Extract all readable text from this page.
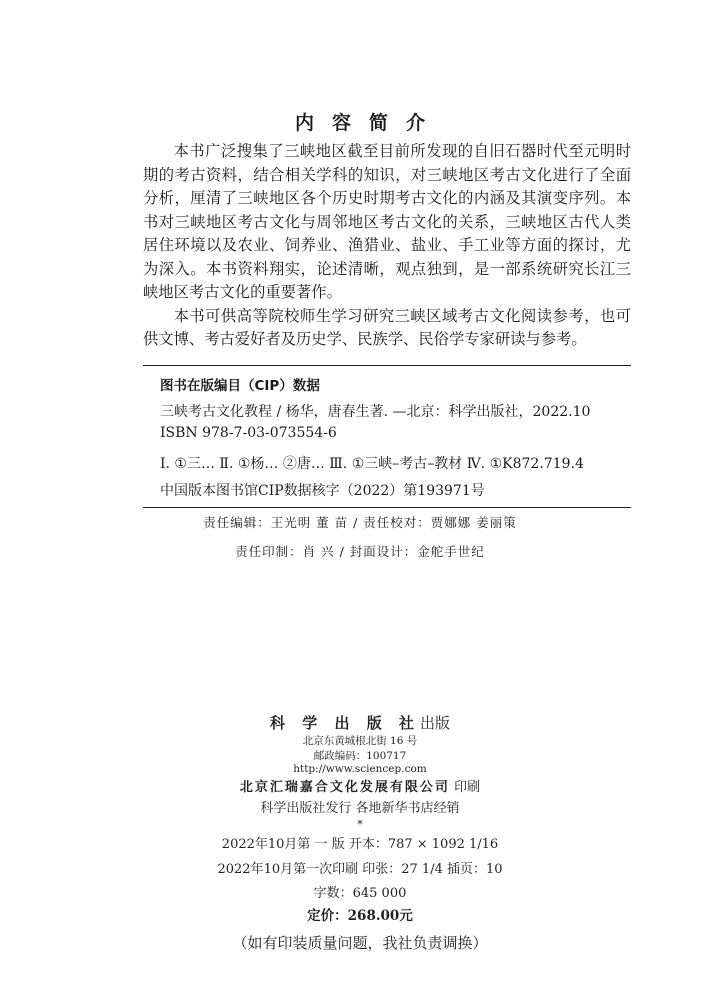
内容简介

本书广泛搜集了三峡地区截至目前所发现的自旧石器时代至元明时期的考古资料，结合相关学科的知识，对三峡地区考古文化进行了全面分析，厘清了三峡地区各个历史时期考古文化的内涵及其演变序列。本书对三峡地区考古文化与周邻地区考古文化的关系，三峡地区古代人类居住环境以及农业、饲养业、渔猎业、盐业、手工业等方面的探讨，尤为深入。本书资料翔实，论述清晰，观点独到，是一部系统研究长江三峡地区考古文化的重要著作。

本书可供高等院校师生学习研究三峡区域考古文化阅读参考，也可供文博、考古爱好者及历史学、民族学、民俗学专家研读与参考。

图书在版编目（CIP）数据
三峡考古文化教程 / 杨华，唐春生著. —北京：科学出版社，2022.10
ISBN 978-7-03-073554-6
Ⅰ. ①三… Ⅱ. ①杨… ②唐… Ⅲ. ①三峡–考古–教材 Ⅳ. ①K872.719.4
中国版本图书馆CIP数据核字（2022）第193971号
责任编辑：王光明 董 苗 / 责任校对：贾娜娜 姜丽策
责任印制：肖 兴 / 封面设计：金舵手世纪
科 学 出 版 社出版
北京东黄城根北街 16 号
邮政编码：100717
http://www.sciencep.com
北京汇瑞嘉合文化发展有限公司 印刷
科学出版社发行 各地新华书店经销
*
2022年10月第 一 版 开本：787 × 1092 1/16
2022年10月第一次印刷 印张：27 1/4 插页：10
字数：645 000
定价：268.00元
（如有印装质量问题，我社负责调换）
